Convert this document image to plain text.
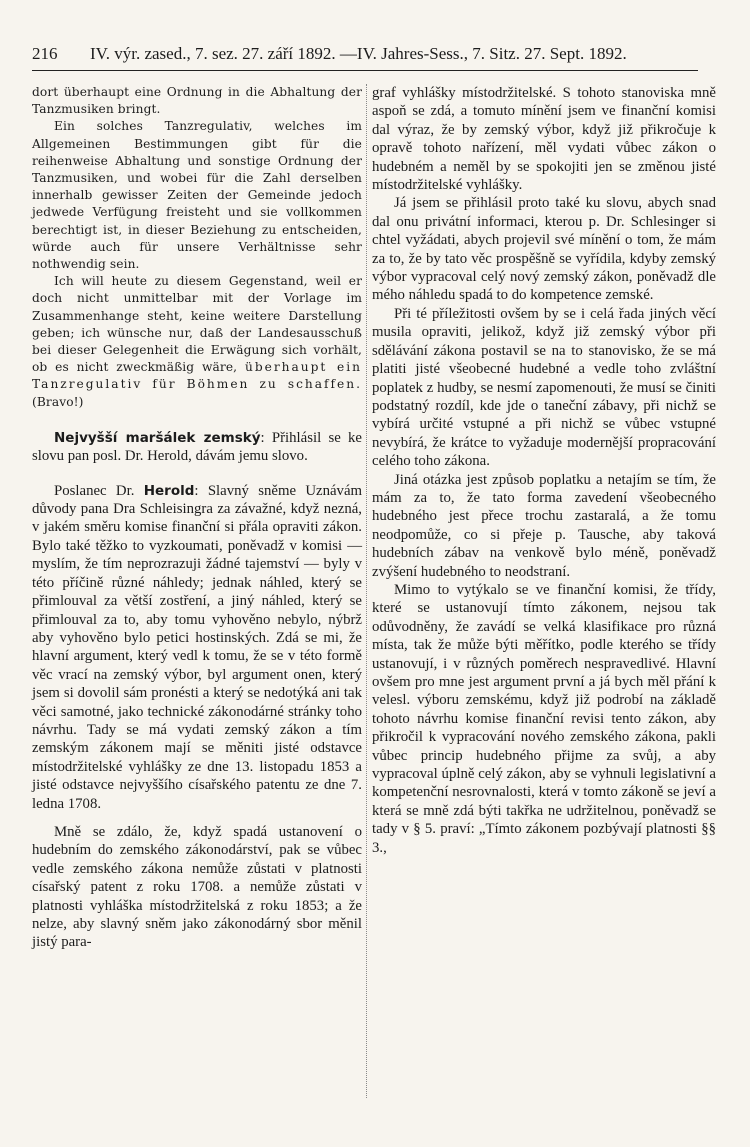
216 IV. výr. zased., 7. sez. 27. září 1892. —IV. Jahres-Sess., 7. Sitz. 27. Sept. 1892.

dort überhaupt eine Ordnung in die Abhaltung der Tanzmusiken bringt.

Ein solches Tanzregulativ, welches im Allgemeinen Bestimmungen gibt für die reihenweise Abhaltung und sonstige Ordnung der Tanzmusiken, und wobei für die Zahl derselben innerhalb gewisser Zeiten der Gemeinde jedoch jedwede Verfügung freisteht und sie vollkommen berechtigt ist, in dieser Beziehung zu entscheiden, würde auch für unsere Verhältnisse sehr nothwendig sein.

Ich will heute zu diesem Gegenstand, weil er doch nicht unmittelbar mit der Vorlage im Zusammenhange steht, keine weitere Darstellung geben; ich wünsche nur, daß der Landesausschuß bei dieser Gelegenheit die Erwägung sich vorhält, ob es nicht zweckmäßig wäre, überhaupt ein Tanzregulativ für Böhmen zu schaffen. (Bravo!)

Nejvyšší maršálek zemský: Přihlásil se ke slovu pan posl. Dr. Herold, dávám jemu slovo.

Poslanec Dr. Herold: Slavný sněme Uznávám důvody pana Dra Schleisingra za závažné, když nezná, v jakém směru komise finanční si přála opraviti zákon. Bylo také těžko to vyzkoumati, poněvadž v komisi — myslím, že tím neprozrazuji žádné tajemství — byly v této příčině různé náhledy; jednak náhled, který se přimlouval za větší zostření, a jiný náhled, který se přimlouval za to, aby tomu vyhověno nebylo, nýbrž aby vyhověno bylo petici hostinských. Zdá se mi, že hlavní argument, který vedl k tomu, že se v této formě věc vrací na zemský výbor, byl argument onen, který jsem si dovolil sám pronésti a který se nedotýká ani tak věci samotné, jako technické zákonodárné stránky toho návrhu. Tady se má vydati zemský zákon a tím zemským zákonem mají se měniti jisté odstavce místodržitelské vyhlášky ze dne 13. listopadu 1853 a jisté odstavce nejvyššího císařského patentu ze dne 7. ledna 1708.

Mně se zdálo, že, když spadá ustanovení o hudebním do zemského zákonodárství, pak se vůbec vedle zemského zákona nemůže zůstati v platnosti císařský patent z roku 1708. a nemůže zůstati v platnosti vyhláška místodržitelská z roku 1853; a že nelze, aby slavný sněm jako zákonodárný sbor měnil jistý para-

graf vyhlášky místodržitelské. S tohoto stanoviska mně aspoň se zdá, a tomuto mínění jsem ve finanční komisi dal výraz, že by zemský výbor, když již přikročuje k opravě tohoto nařízení, měl vydati vůbec zákon o hudebném a neměl by se spokojiti jen se změnou jisté místodržitelské vyhlášky.

Já jsem se přihlásil proto také ku slovu, abych snad dal onu privátní informaci, kterou p. Dr. Schlesinger si chtel vyžádati, abych projevil své mínění o tom, že mám za to, že by tato věc prospěšně se vyřídila, kdyby zemský výbor vypracoval celý nový zemský zákon, poněvadž dle mého náhledu spadá to do kompetence zemské.

Při té příležitosti ovšem by se i celá řada jiných věcí musila opraviti, jelikož, když již zemský výbor při sdělávání zákona postavil se na to stanovisko, že se má platiti jisté všeobecné hudebné a vedle toho zvláštní poplatek z hudby, se nesmí zapomenouti, že musí se činiti podstatný rozdíl, kde jde o taneční zábavy, při nichž se vybírá určité vstupné a při nichž se vůbec vstupné nevybírá, že krátce to vyžaduje modernější propracování celého toho zákona.

Jiná otázka jest způsob poplatku a netajím se tím, že mám za to, že tato forma zavedení všeobecného hudebného jest přece trochu zastaralá, a že tomu neodpomůže, co si přeje p. Tausche, aby taková hudebních zábav na venkově bylo méně, poněvadž zvýšení hudebného to neodstraní.

Mimo to vytýkalo se ve finanční komisi, že třídy, které se ustanovují tímto zákonem, nejsou tak odůvodněny, že zavádí se velká klasifikace pro různá místa, tak že může býti měřítko, podle kterého se třídy ustanovují, i v různých poměrech nespravedlivé. Hlavní ovšem pro mne jest argument první a já bych měl přání k velesl. výboru zemskému, když již podrobí na základě tohoto návrhu komise finanční revisi tento zákon, aby přikročil k vypracování nového zemského zákona, pakli vůbec princip hudebného přijme za svůj, a aby vypracoval úplně celý zákon, aby se vyhnuli legislativní a kompetenční nesrovnalosti, která v tomto zákoně se jeví a která se mně zdá býti takřka ne udržitelnou, poněvadž se tady v § 5. praví: „Tímto zákonem pozbývají platnosti §§ 3.,
